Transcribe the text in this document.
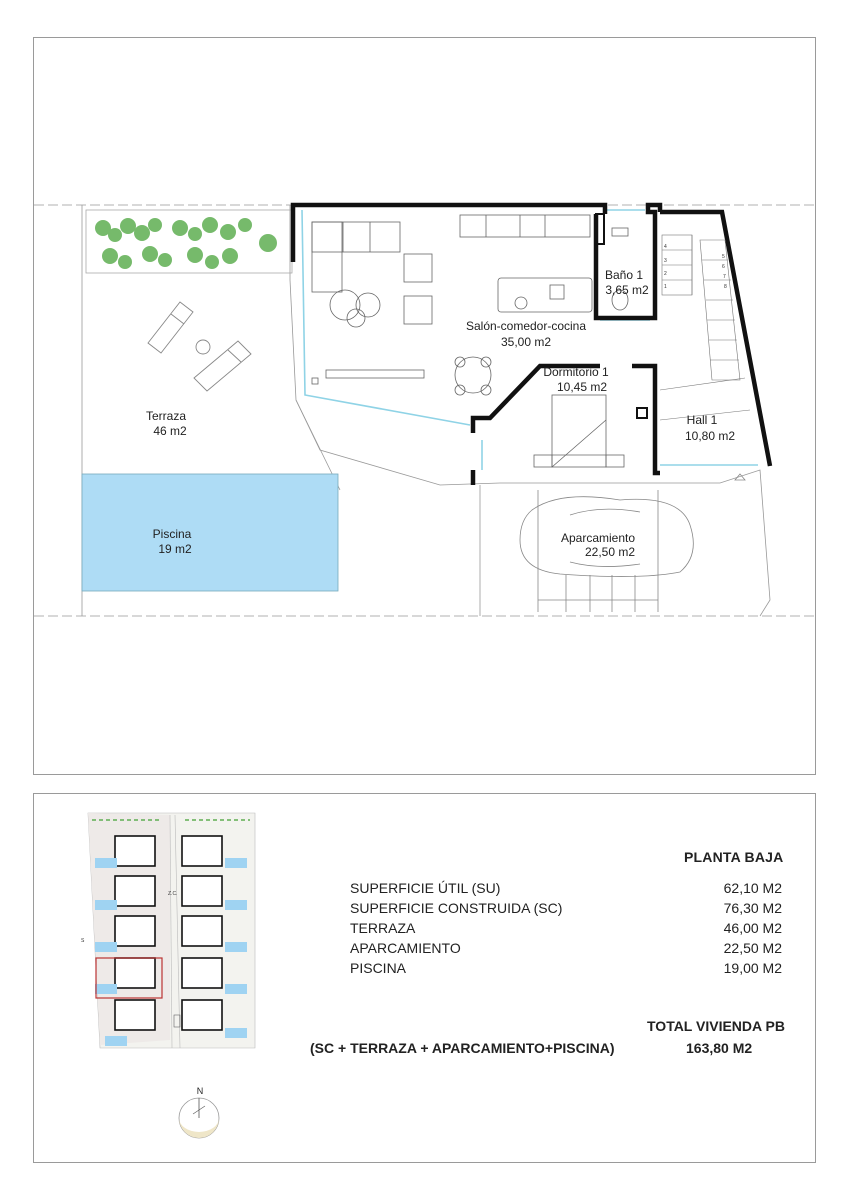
4
3
2
1
5
6
7
8
Terraza
46 m2
Piscina
19 m2
Salón-comedor-cocina
35,00 m2
Baño 1
3,65 m2
Dormitorio 1
10,45 m2
Hall 1
10,80 m2
Aparcamiento
22,50 m2
Z.C.
S
N
PLANTA BAJA
SUPERFICIE ÚTIL (SU)	62,10 M2
SUPERFICIE CONSTRUIDA (SC)	76,30 M2
TERRAZA	46,00 M2
APARCAMIENTO	22,50 M2
PISCINA	19,00 M2
TOTAL VIVIENDA PB
(SC + TERRAZA + APARCAMIENTO+PISCINA)	163,80 M2
